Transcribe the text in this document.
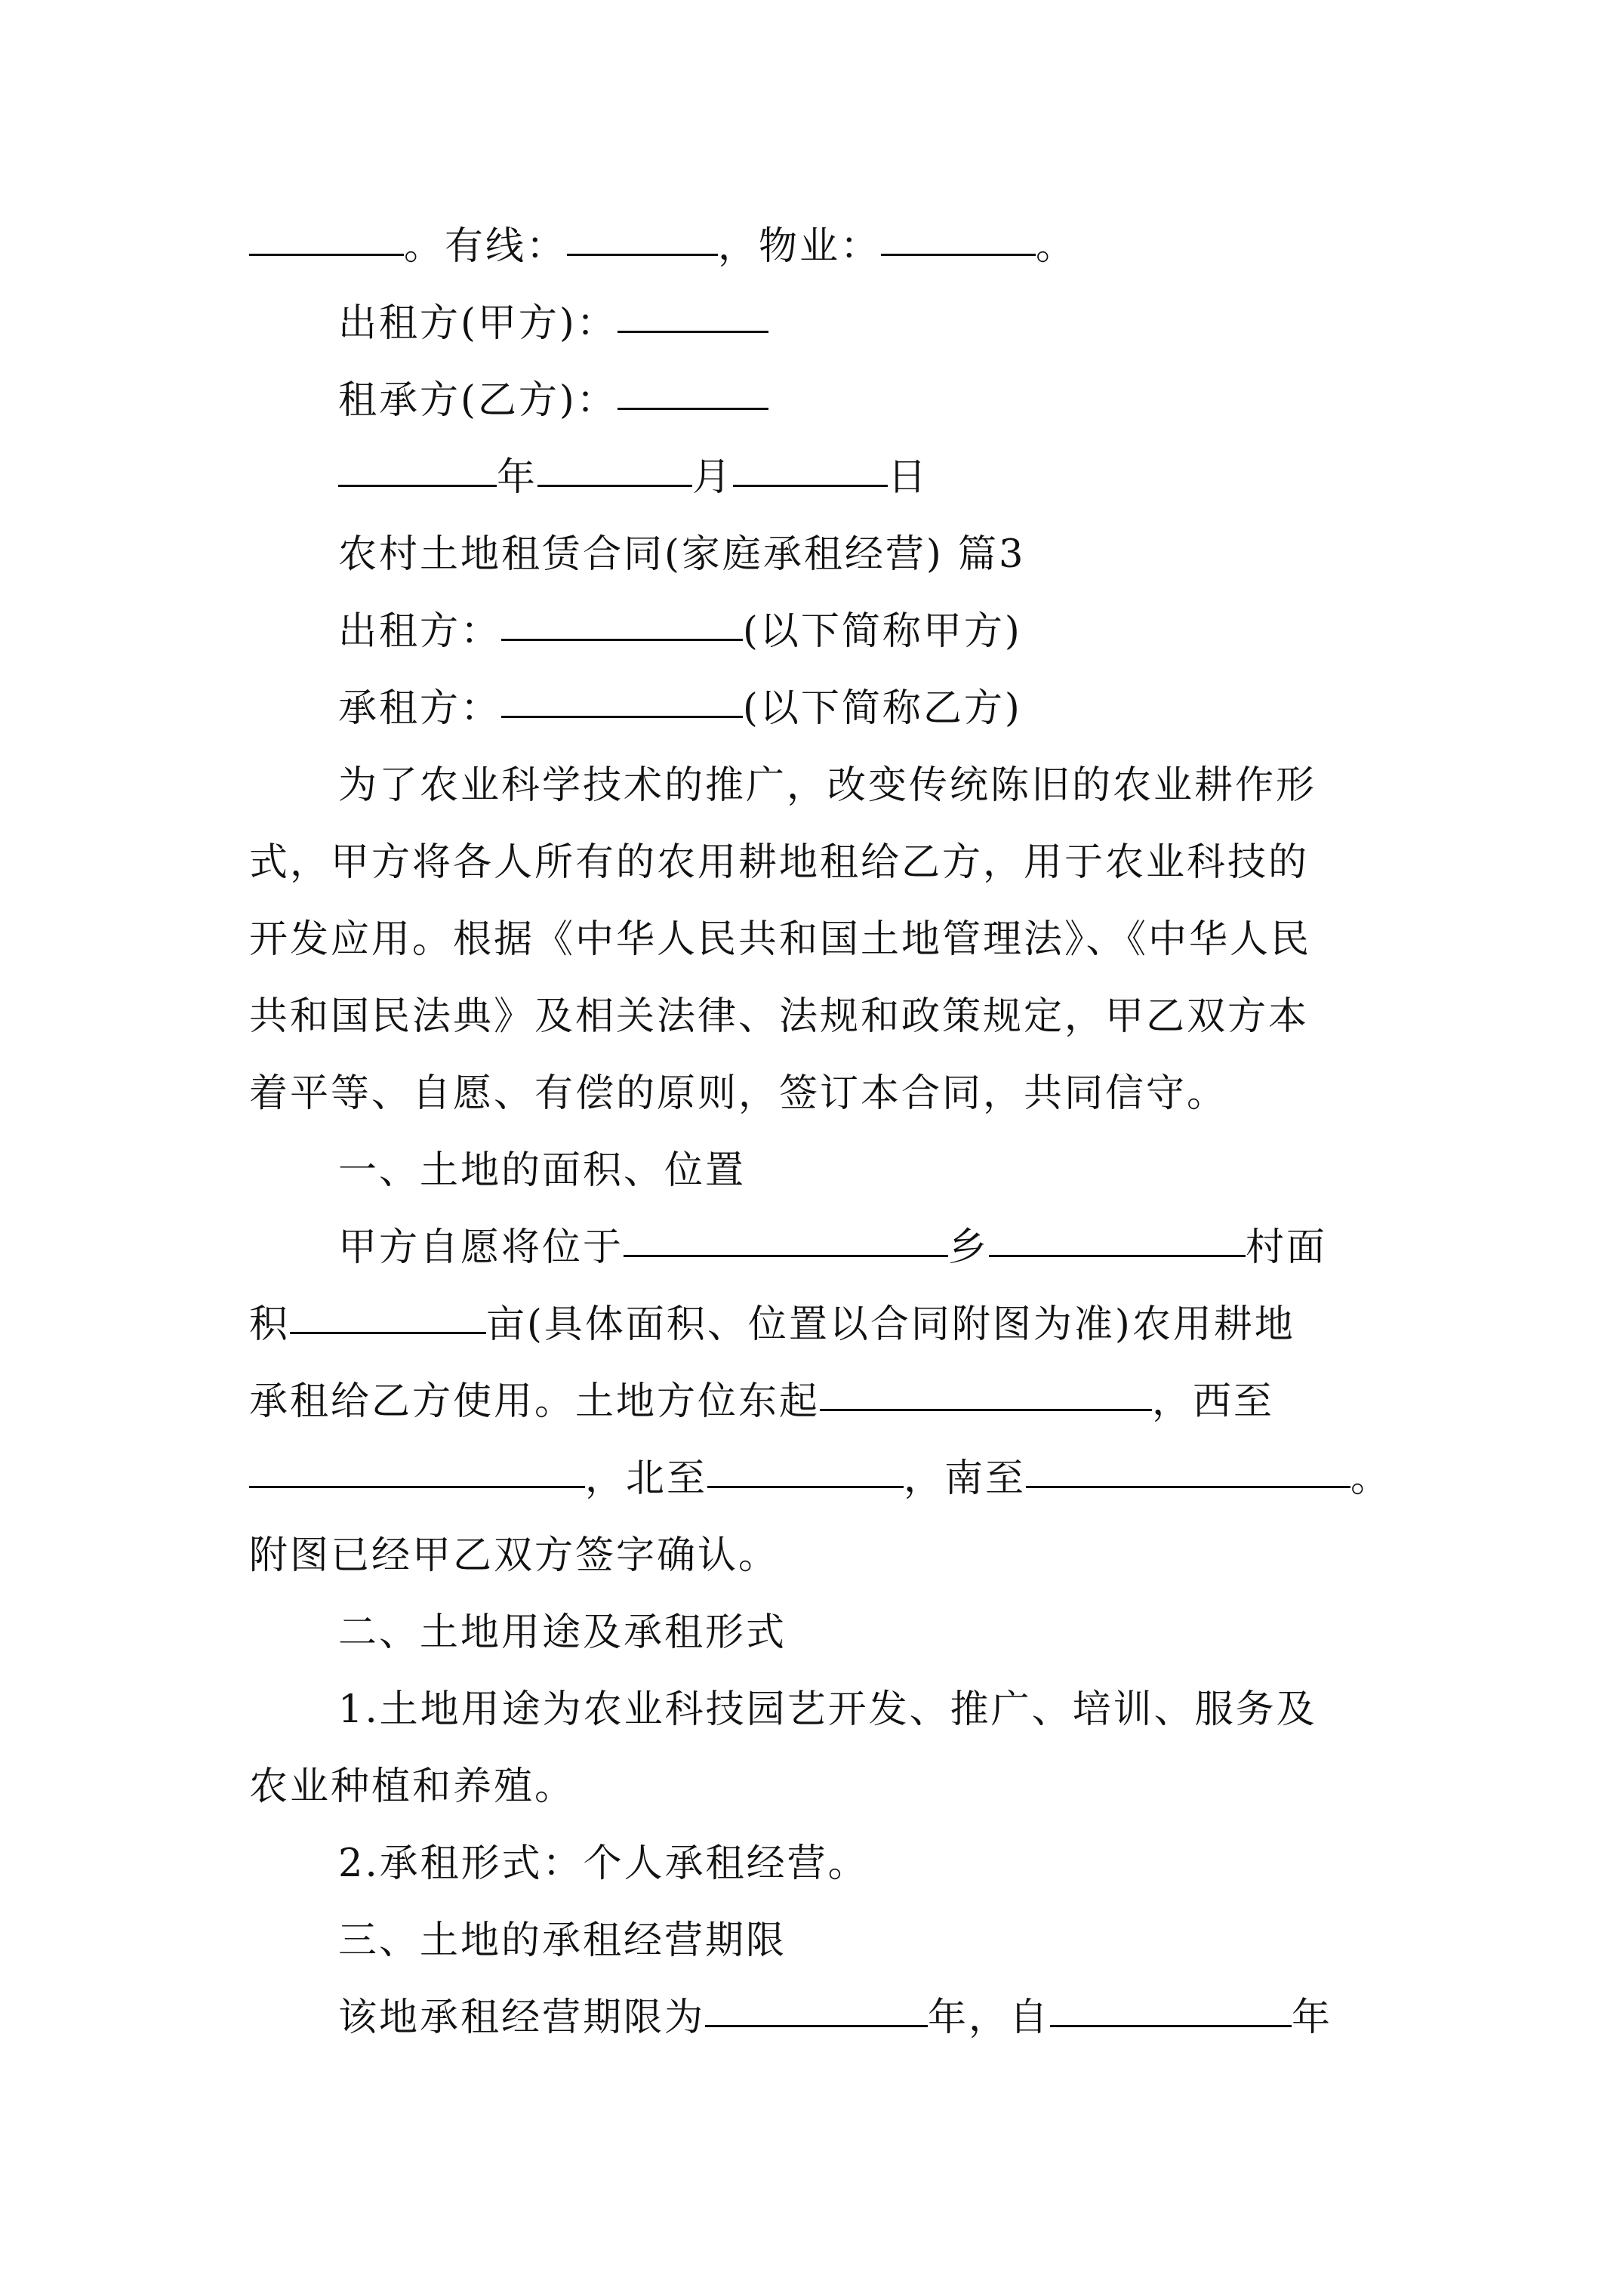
。有线：	，物业：	。
出租方(甲方)：
租承方(乙方)：
年	月	日
农村土地租赁合同(家庭承租经营) 篇3
出租方：	(以下简称甲方)
承租方：	(以下简称乙方)
为了农业科学技术的推广，改变传统陈旧的农业耕作形
式，甲方将各人所有的农用耕地租给乙方，用于农业科技的
开发应用。根据《中华人民共和国土地管理法》、《中华人民
共和国民法典》及相关法律、法规和政策规定，甲乙双方本
着平等、自愿、有偿的原则，签订本合同，共同信守。
一、土地的面积、位置
甲方自愿将位于	乡	村面
积	亩(具体面积、位置以合同附图为准)农用耕地
承租给乙方使用。土地方位东起	，西至
，北至	，南至	。
附图已经甲乙双方签字确认。
二、土地用途及承租形式
1.土地用途为农业科技园艺开发、推广、培训、服务及
农业种植和养殖。
2.承租形式：个人承租经营。
三、土地的承租经营期限
该地承租经营期限为	年，自	年
